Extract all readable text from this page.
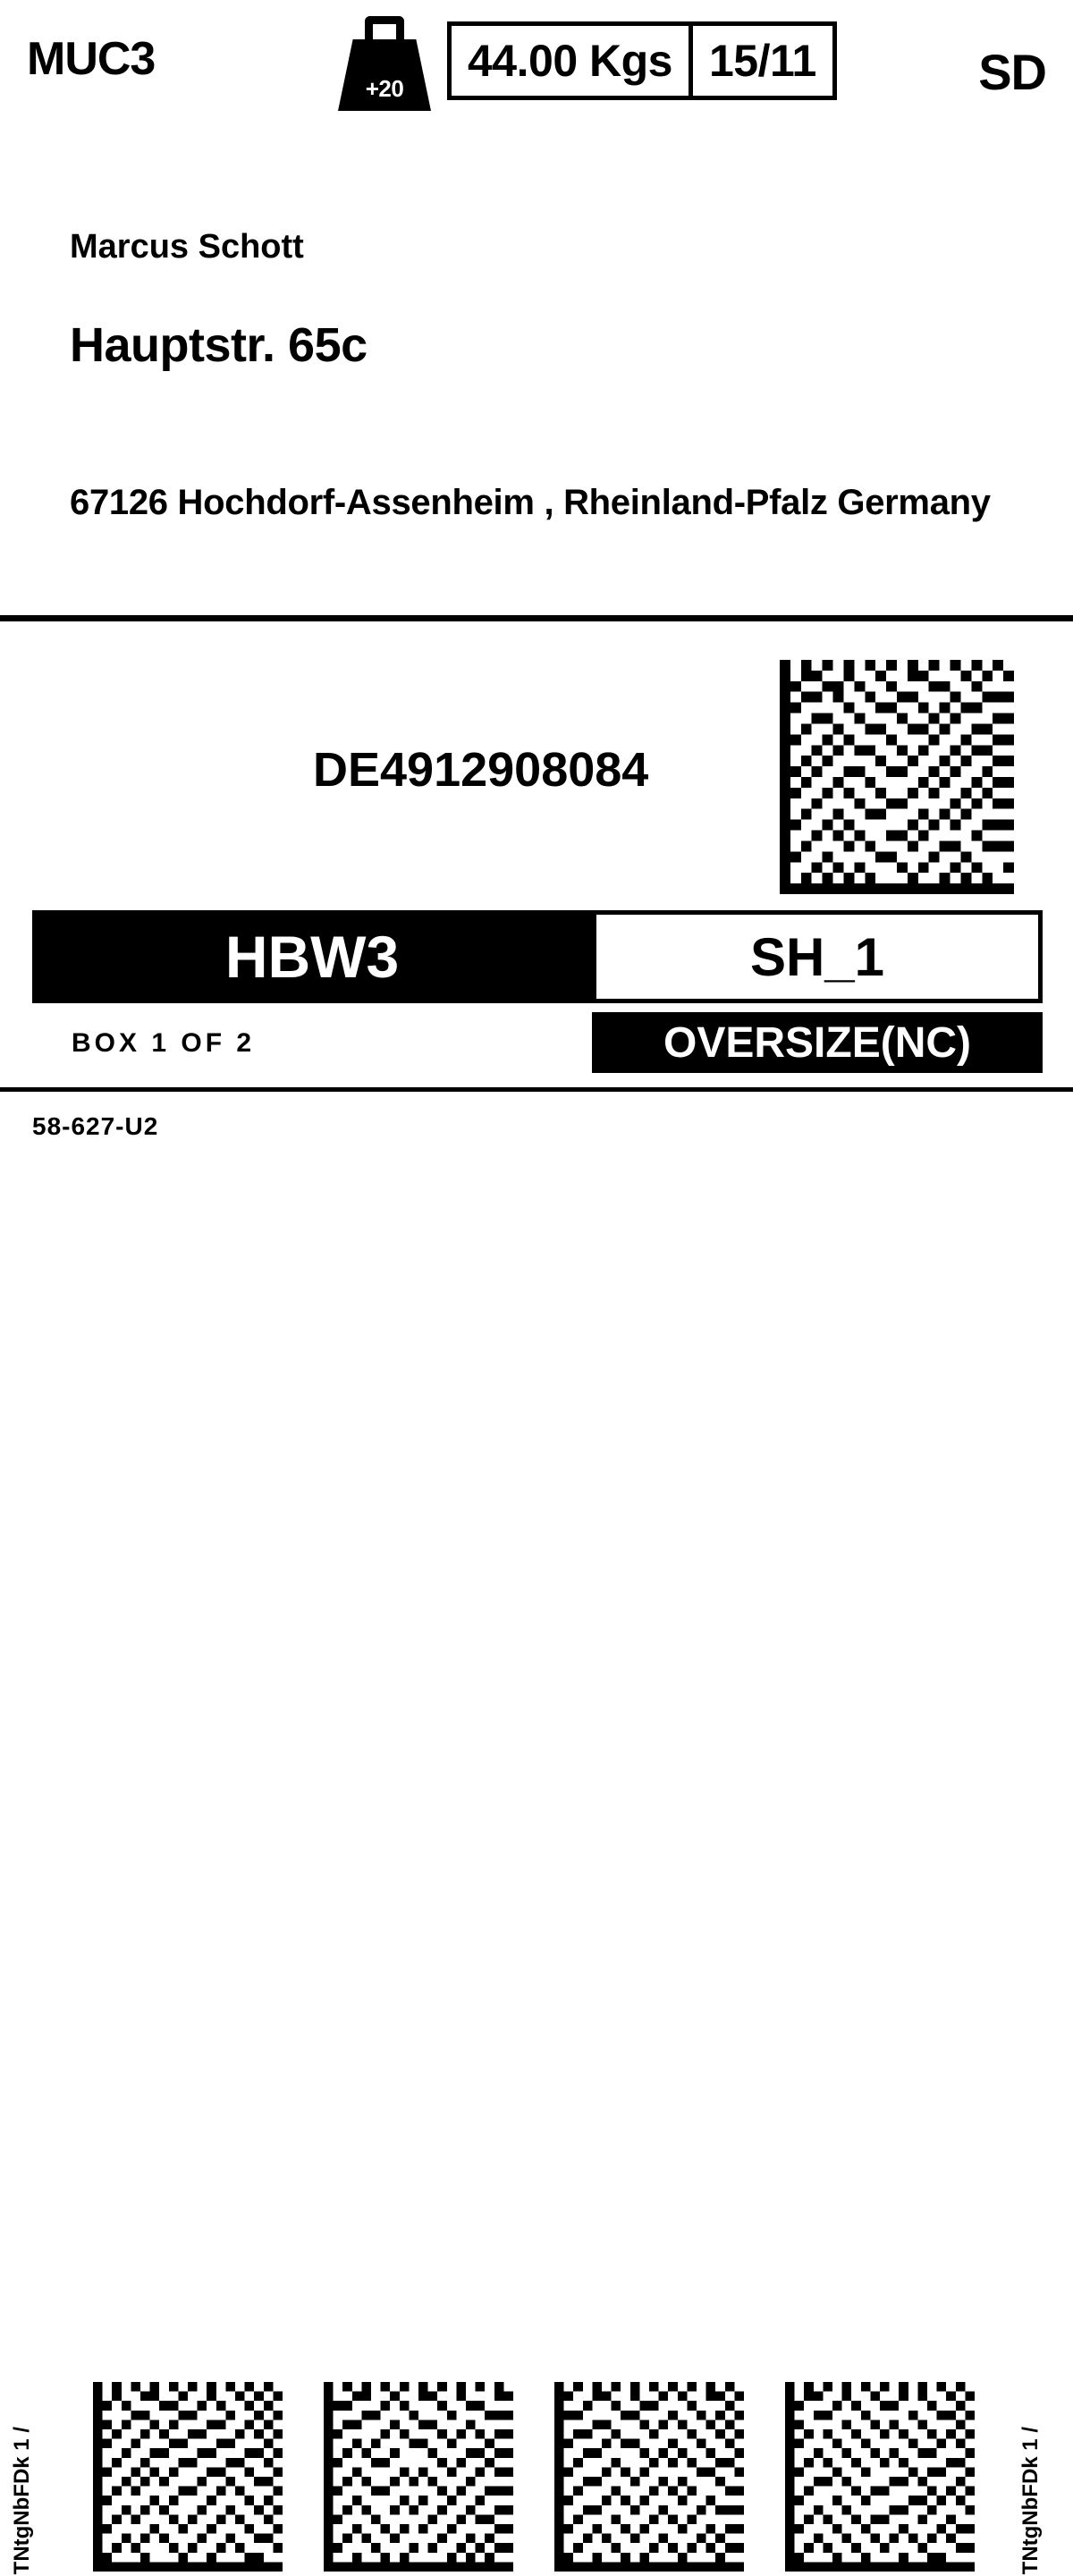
MUC3
+20
44.00 Kgs 15/11	SD
Marcus Schott
Hauptstr. 65c
67126 Hochdorf-Assenheim , Rheinland-Pfalz Germany
DE4912908084
HBW3	SH_1
BOX 1 OF 2	OVERSIZE(NC)
58-627-U2
TNtgNbFDk 1 /
TNtgNbFDk 1 /
